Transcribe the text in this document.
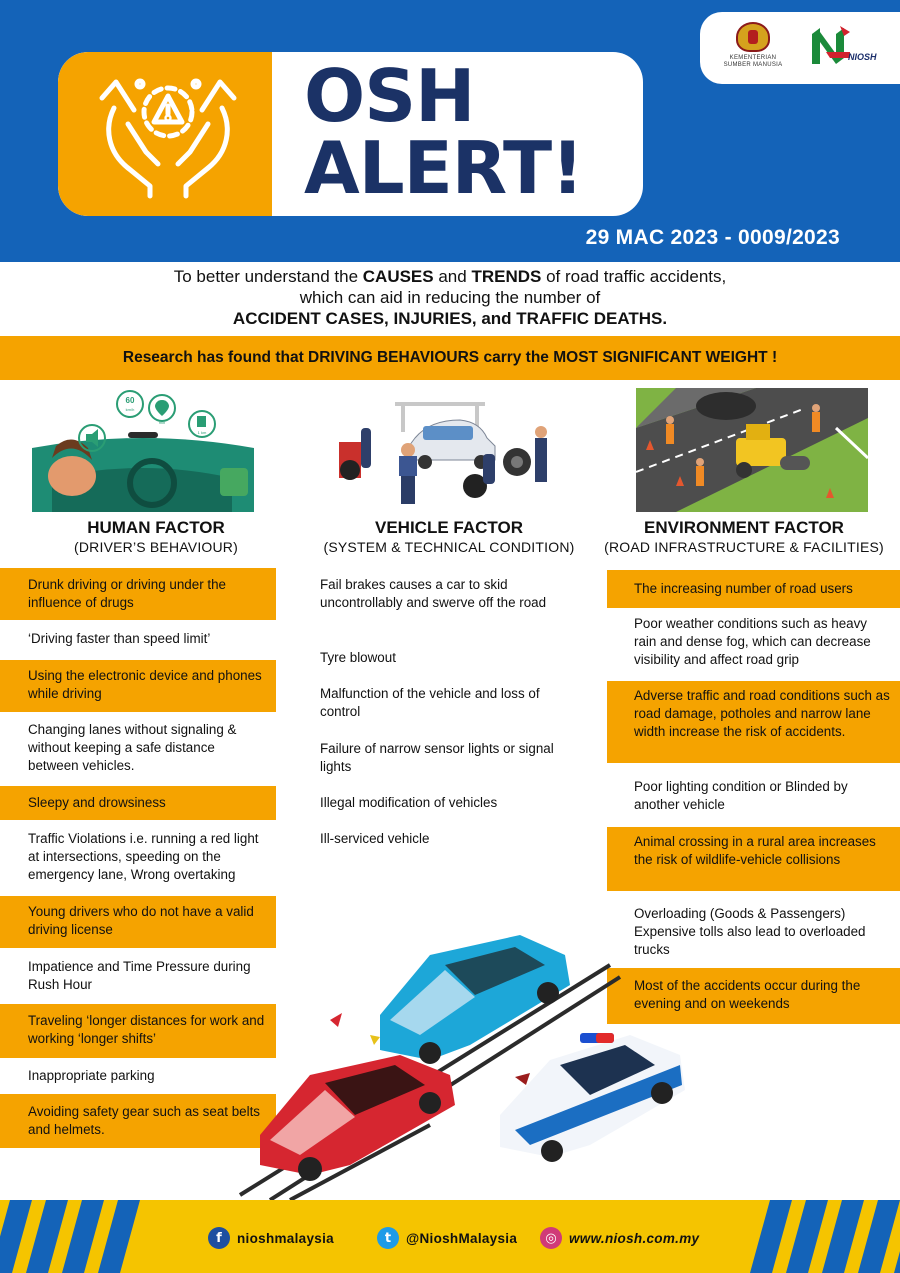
KEMENTERIAN
SUMBER MANUSIA
NIOSH
OSH
ALERT!
29 MAC 2023 - 0009/2023
To better understand the CAUSES and TRENDS of road traffic accidents,
which can aid in reducing the number of
ACCIDENT CASES, INJURIES, and TRAFFIC DEATHS.
Research has found that DRIVING BEHAVIOURS carry the MOST SIGNIFICANT WEIGHT !
60
km/h
min
1 km
HUMAN FACTOR
(DRIVER’S BEHAVIOUR)
VEHICLE FACTOR
(SYSTEM & TECHNICAL CONDITION)
ENVIRONMENT FACTOR
(ROAD INFRASTRUCTURE & FACILITIES)
Drunk driving or driving under the influence of drugs
‘Driving faster than speed limit’
Using the electronic device and phones while driving
Changing lanes without signaling & without keeping a safe distance between vehicles.
Sleepy and drowsiness
Traffic Violations i.e. running a red light at intersections, speeding on the emergency lane, Wrong overtaking
Young drivers who do not have a valid driving license
Impatience and Time Pressure during Rush Hour
Traveling ‘longer distances for work and working ‘longer shifts’
Inappropriate parking
Avoiding safety gear such as seat belts and helmets.
Fail brakes causes a car to skid uncontrollably and swerve off the road
Tyre blowout
Malfunction of the vehicle and loss of control
Failure of narrow sensor lights or signal lights
Illegal modification of vehicles
Ill-serviced vehicle
The increasing number of road users
Poor weather conditions such as heavy rain and dense fog, which can decrease visibility and affect road grip
Adverse traffic and road conditions such as road damage, potholes and narrow lane width increase the risk of accidents.
Poor lighting condition or Blinded by another vehicle
Animal crossing in a rural area increases the risk of wildlife-vehicle collisions
Overloading (Goods & Passengers) Expensive tolls also lead to overloaded trucks
Most of the accidents occur during the evening and on weekends
f	nioshmalaysia	t	@NioshMalaysia	◎ www.niosh.com.my
